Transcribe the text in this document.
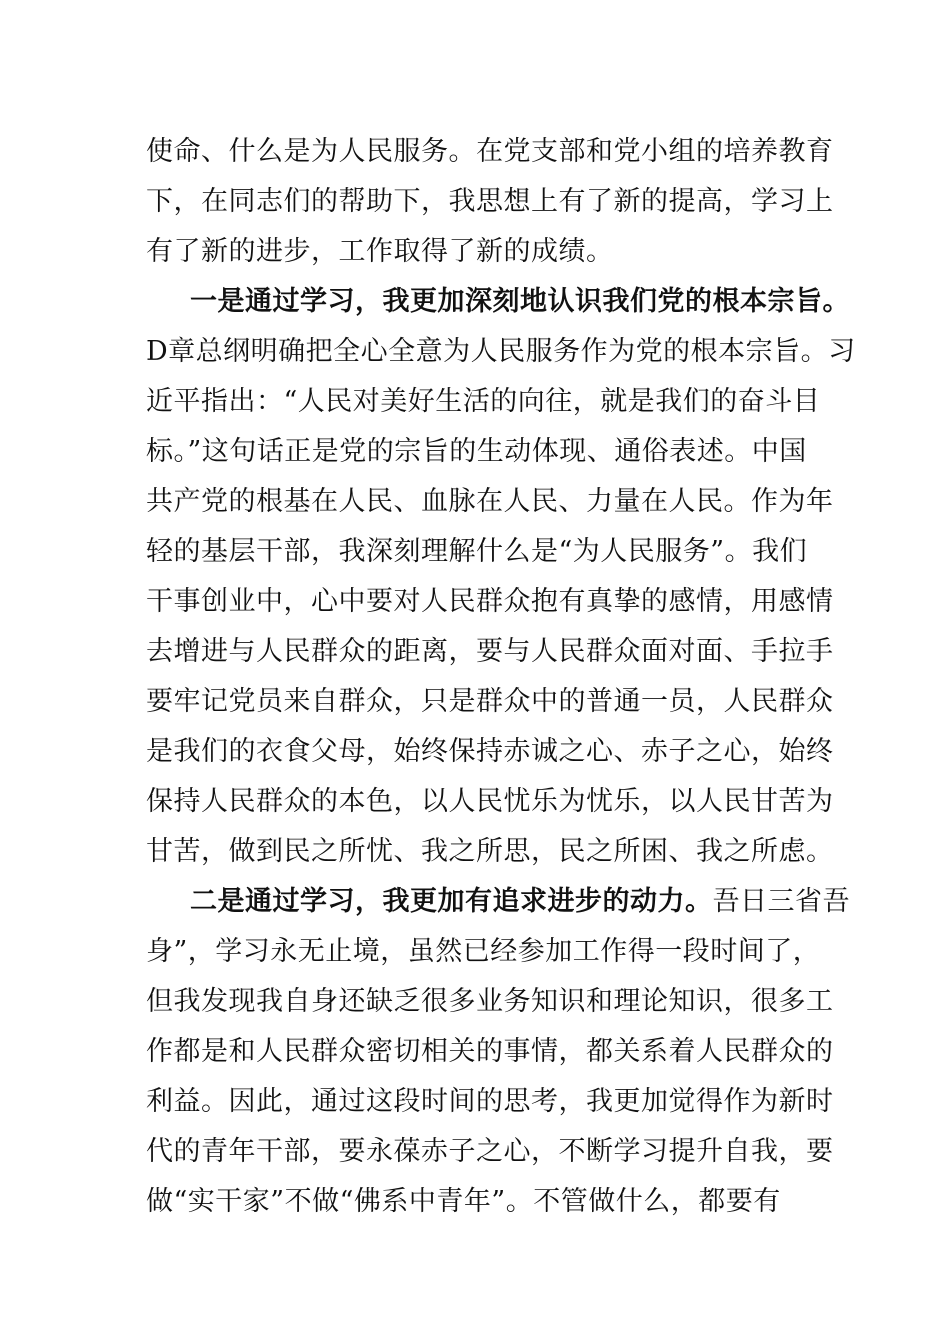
使命、什么是为人民服务。在党支部和党小组的培养教育
下，在同志们的帮助下，我思想上有了新的提高，学习上
有了新的进步，工作取得了新的成绩。
一是通过学习，我更加深刻地认识我们党的根本宗旨。
D章总纲明确把全心全意为人民服务作为党的根本宗旨。习
近平指出：“人民对美好生活的向往，就是我们的奋斗目
标。”这句话正是党的宗旨的生动体现、通俗表述。中国
共产党的根基在人民、血脉在人民、力量在人民。作为年
轻的基层干部，我深刻理解什么是“为人民服务”。我们
干事创业中，心中要对人民群众抱有真挚的感情，用感情
去增进与人民群众的距离，要与人民群众面对面、手拉手
要牢记党员来自群众，只是群众中的普通一员，人民群众
是我们的衣食父母，始终保持赤诚之心、赤子之心，始终
保持人民群众的本色，以人民忧乐为忧乐，以人民甘苦为
甘苦，做到民之所忧、我之所思，民之所困、我之所虑。
二是通过学习，我更加有追求进步的动力。吾日三省吾
身”，学习永无止境，虽然已经参加工作得一段时间了，
但我发现我自身还缺乏很多业务知识和理论知识，很多工
作都是和人民群众密切相关的事情，都关系着人民群众的
利益。因此，通过这段时间的思考，我更加觉得作为新时
代的青年干部，要永葆赤子之心，不断学习提升自我，要
做“实干家”不做“佛系中青年”。不管做什么，都要有
